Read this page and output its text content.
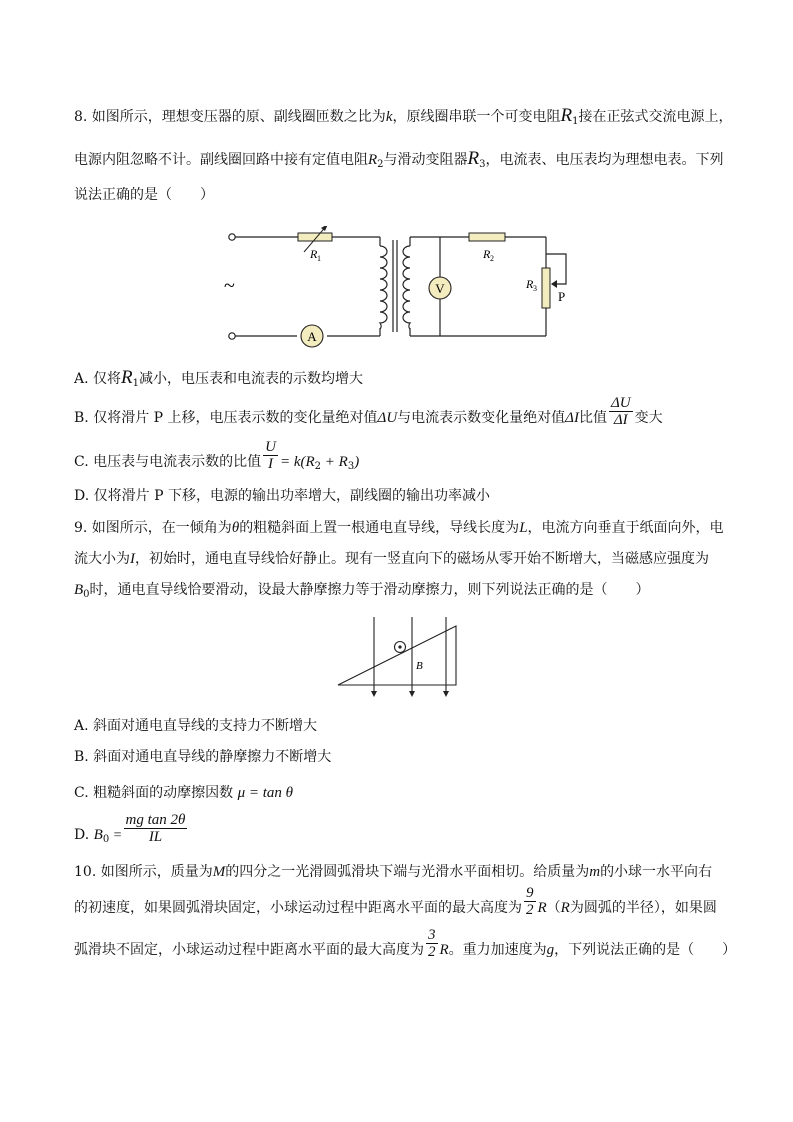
8. 如图所示，理想变压器的原、副线圈匝数之比为k，原线圈串联一个可变电阻$R_1$接在正弦式交流电源上，
电源内阻忽略不计。副线圈回路中接有定值电阻$R_2$与滑动变阻器$R_3$，电流表、电压表均为理想电表。下列
说法正确的是（　　）
R 1	R 2
R 3
P
V
A
~
A. 仅将$R_1$减小，电压表和电流表的示数均增大
B. 仅将滑片 P 上移，电压表示数的变化量绝对值ΔU与电流表示数变化量绝对值ΔI比值 $\frac{\Delta U}{\Delta I}$ 变大
C. 电压表与电流表示数的比值 $\frac{U}{I} = k(R_2 + R_3)$
D. 仅将滑片 P 下移，电源的输出功率增大，副线圈的输出功率减小
9. 如图所示，在一倾角为θ的粗糙斜面上置一根通电直导线，导线长度为L，电流方向垂直于纸面向外，电
流大小为I，初始时，通电直导线恰好静止。现有一竖直向下的磁场从零开始不断增大，当磁感应强度为
$B_0$时，通电直导线恰要滑动，设最大静摩擦力等于滑动摩擦力，则下列说法正确的是（　　）
B
A. 斜面对通电直导线的支持力不断增大
B. 斜面对通电直导线的静摩擦力不断增大
C. 粗糙斜面的动摩擦因数 μ = tan θ
D. $B_0 = \frac{\text{mg tan 2θ}}{IL}$
10. 如图所示，质量为M的四分之一光滑圆弧滑块下端与光滑水平面相切。给质量为m的小球一水平向右
的初速度，如果圆弧滑块固定，小球运动过程中距离水平面的最大高度为 $\frac{9}{2} R(R$为圆弧的半径），如果圆
弧滑块不固定，小球运动过程中距离水平面的最大高度为 $\frac{3}{2}$ R。重力加速度为g，下列说法正确的是（　　）
